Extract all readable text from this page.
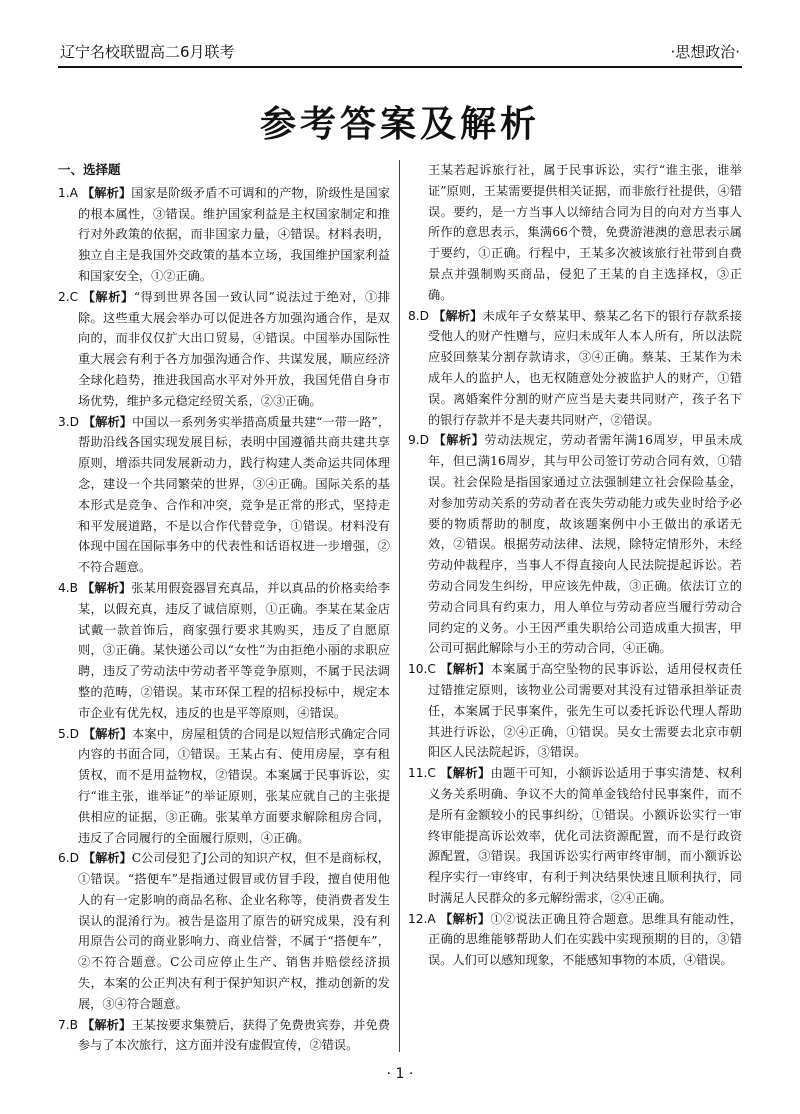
辽宁名校联盟高二6月联考	·思想政治·
参考答案及解析
一、选择题
1.A 【解析】国家是阶级矛盾不可调和的产物，阶级性是国家的根本属性，③错误。维护国家利益是主权国家制定和推行对外政策的依据，而非国家力量，④错误。材料表明，独立自主是我国外交政策的基本立场，我国维护国家利益和国家安全，①②正确。
2.C 【解析】“得到世界各国一致认同”说法过于绝对，①排除。这些重大展会举办可以促进各方加强沟通合作，是双向的，而非仅仅扩大出口贸易，④错误。中国举办国际性重大展会有利于各方加强沟通合作、共谋发展，顺应经济全球化趋势，推进我国高水平对外开放，我国凭借自身市场优势，维护多元稳定经贸关系，②③正确。
3.D 【解析】中国以一系列务实举措高质量共建“一带一路”，帮助沿线各国实现发展目标，表明中国遵循共商共建共享原则，增添共同发展新动力，践行构建人类命运共同体理念，建设一个共同繁荣的世界，③④正确。国际关系的基本形式是竞争、合作和冲突，竞争是正常的形式，坚持走和平发展道路，不是以合作代替竞争，①错误。材料没有体现中国在国际事务中的代表性和话语权进一步增强，②不符合题意。
4.B 【解析】张某用假瓷器冒充真品，并以真品的价格卖给李某，以假充真，违反了诚信原则，①正确。李某在某金店试戴一款首饰后，商家强行要求其购买，违反了自愿原则，③正确。某快递公司以“女性”为由拒绝小丽的求职应聘，违反了劳动法中劳动者平等竞争原则，不属于民法调整的范畴，②错误。某市环保工程的招标投标中，规定本市企业有优先权，违反的也是平等原则，④错误。
5.D 【解析】本案中，房屋租赁的合同是以短信形式确定合同内容的书面合同，①错误。王某占有、使用房屋，享有租赁权，而不是用益物权，②错误。本案属于民事诉讼，实行“谁主张，谁举证”的举证原则，张某应就自己的主张提供相应的证据，③正确。张某单方面要求解除租房合同，违反了合同履行的全面履行原则，④正确。
6.D 【解析】C公司侵犯了J公司的知识产权，但不是商标权，①错误。“搭便车”是指通过假冒或仿冒手段，擅自使用他人的有一定影响的商品名称、企业名称等，使消费者发生误认的混淆行为。被告是盗用了原告的研究成果，没有利用原告公司的商业影响力、商业信誉，不属于“搭便车”，②不符合题意。C公司应停止生产、销售并赔偿经济损失，本案的公正判决有利于保护知识产权，推动创新的发展，③④符合题意。
7.B 【解析】王某按要求集赞后，获得了免费贵宾券，并免费参与了本次旅行，这方面并没有虚假宣传，②错误。
王某若起诉旅行社，属于民事诉讼，实行“谁主张，谁举证”原则，王某需要提供相关证据，而非旅行社提供，④错误。要约，是一方当事人以缔结合同为目的向对方当事人所作的意思表示，集满66个赞，免费游港澳的意思表示属于要约，①正确。行程中，王某多次被该旅行社带到自费景点并强制购买商品，侵犯了王某的自主选择权，③正确。
8.D 【解析】未成年子女蔡某甲、蔡某乙名下的银行存款系接受他人的财产性赠与，应归未成年人本人所有，所以法院应驳回蔡某分割存款请求，③④正确。蔡某、王某作为未成年人的监护人，也无权随意处分被监护人的财产，①错误。离婚案件分割的财产应当是夫妻共同财产，孩子名下的银行存款并不是夫妻共同财产，②错误。
9.D 【解析】劳动法规定，劳动者需年满16周岁，甲虽未成年，但已满16周岁，其与甲公司签订劳动合同有效，①错误。社会保险是指国家通过立法强制建立社会保险基金，对参加劳动关系的劳动者在丧失劳动能力或失业时给予必要的物质帮助的制度，故该题案例中小王做出的承诺无效，②错误。根据劳动法律、法规，除特定情形外，未经劳动仲裁程序，当事人不得直接向人民法院提起诉讼。若劳动合同发生纠纷，甲应该先仲裁，③正确。依法订立的劳动合同具有约束力，用人单位与劳动者应当履行劳动合同约定的义务。小王因严重失职给公司造成重大损害，甲公司可据此解除与小王的劳动合同，④正确。
10.C 【解析】本案属于高空坠物的民事诉讼，适用侵权责任过错推定原则，该物业公司需要对其没有过错承担举证责任，本案属于民事案件，张先生可以委托诉讼代理人帮助其进行诉讼，②④正确，①错误。吴女士需要去北京市朝阳区人民法院起诉，③错误。
11.C 【解析】由题干可知，小额诉讼适用于事实清楚、权利义务关系明确、争议不大的简单金钱给付民事案件，而不是所有金额较小的民事纠纷，①错误。小额诉讼实行一审终审能提高诉讼效率，优化司法资源配置，而不是行政资源配置，③错误。我国诉讼实行两审终审制，而小额诉讼程序实行一审终审，有利于判决结果快速且顺利执行，同时满足人民群众的多元解纷需求，②④正确。
12.A 【解析】①②说法正确且符合题意。思维具有能动性，正确的思维能够帮助人们在实践中实现预期的目的，③错误。人们可以感知现象，不能感知事物的本质，④错误。
· 1 ·
